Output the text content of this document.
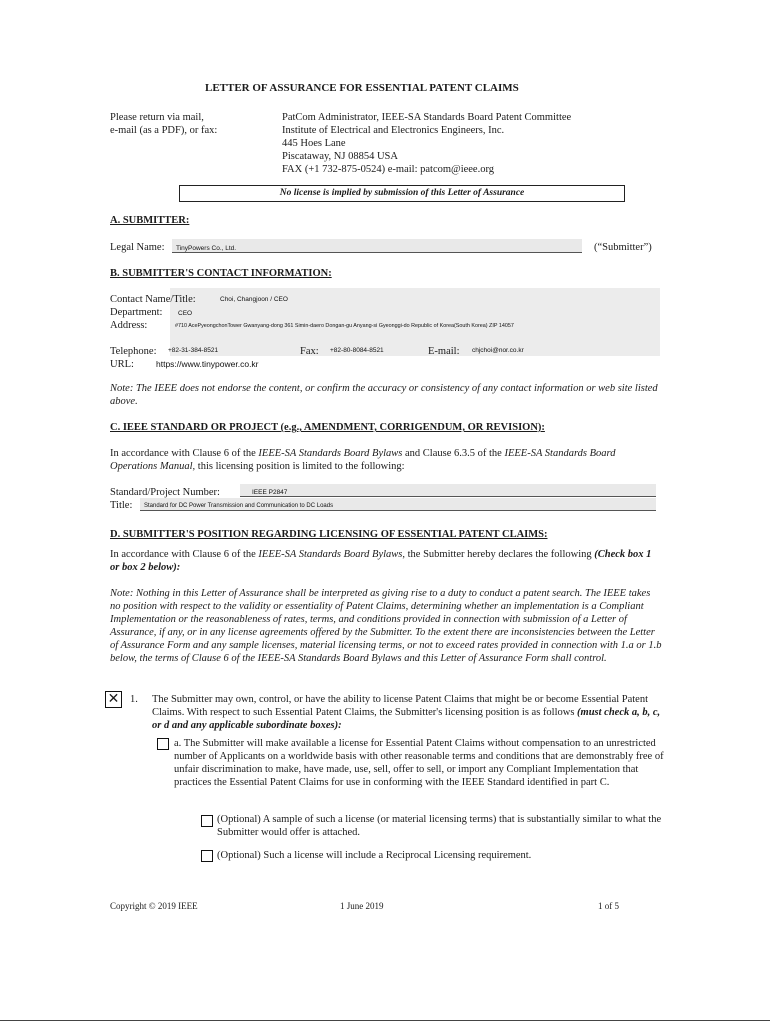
LETTER OF ASSURANCE FOR ESSENTIAL PATENT CLAIMS
Please return via mail,
e-mail (as a PDF), or fax:
PatCom Administrator, IEEE-SA Standards Board Patent Committee
Institute of Electrical and Electronics Engineers, Inc.
445 Hoes Lane
Piscataway, NJ 08854 USA
FAX (+1 732-875-0524) e-mail: patcom@ieee.org
No license is implied by submission of this Letter of Assurance
A. SUBMITTER:
Legal Name: TinyPowers Co., Ltd.	(“Submitter”)
B. SUBMITTER'S CONTACT INFORMATION:
Contact Name/Title:	Choi, Changjoon / CEO
Department: CEO
Address:	#710 AcePyeongchonTower Gwanyang-dong 361 Simin-daero Dongan-gu Anyang-si Gyeonggi-do Republic of Korea(South Korea) ZIP 14057
Telephone: +82-31-384-8521	Fax: +82-80-8084-8521	E-mail: chjchoi@nor.co.kr
URL:	https://www.tinypower.co.kr
Note: The IEEE does not endorse the content, or confirm the accuracy or consistency of any contact information or web site listed above.
C. IEEE STANDARD OR PROJECT (e.g., AMENDMENT, CORRIGENDUM, OR REVISION):
In accordance with Clause 6 of the IEEE-SA Standards Board Bylaws and Clause 6.3.5 of the IEEE-SA Standards Board Operations Manual, this licensing position is limited to the following:
Standard/Project Number:	IEEE P2847
Title: Standard for DC Power Transmission and Communication to DC Loads
D. SUBMITTER'S POSITION REGARDING LICENSING OF ESSENTIAL PATENT CLAIMS:
In accordance with Clause 6 of the IEEE-SA Standards Board Bylaws, the Submitter hereby declares the following (Check box 1 or box 2 below):
Note: Nothing in this Letter of Assurance shall be interpreted as giving rise to a duty to conduct a patent search. The IEEE takes no position with respect to the validity or essentiality of Patent Claims, determining whether an implementation is a Compliant Implementation or the reasonableness of rates, terms, and conditions provided in connection with submission of a Letter of Assurance, if any, or in any license agreements offered by the Submitter. To the extent there are inconsistencies between the Letter of Assurance Form and any sample licenses, material licensing terms, or not to exceed rates provided in connection with 1.a or 1.b below, the terms of Clause 6 of the IEEE-SA Standards Board Bylaws and this Letter of Assurance Form shall control.
✕ 1. The Submitter may own, control, or have the ability to license Patent Claims that might be or become Essential Patent Claims. With respect to such Essential Patent Claims, the Submitter's licensing position is as follows (must check a, b, c, or d and any applicable subordinate boxes):
a. The Submitter will make available a license for Essential Patent Claims without compensation to an unrestricted number of Applicants on a worldwide basis with other reasonable terms and conditions that are demonstrably free of unfair discrimination to make, have made, use, sell, offer to sell, or import any Compliant Implementation that practices the Essential Patent Claims for use in conforming with the IEEE Standard identified in part C.
(Optional) A sample of such a license (or material licensing terms) that is substantially similar to what the Submitter would offer is attached.
(Optional) Such a license will include a Reciprocal Licensing requirement.
Copyright © 2019 IEEE	1 June 2019	1 of 5
